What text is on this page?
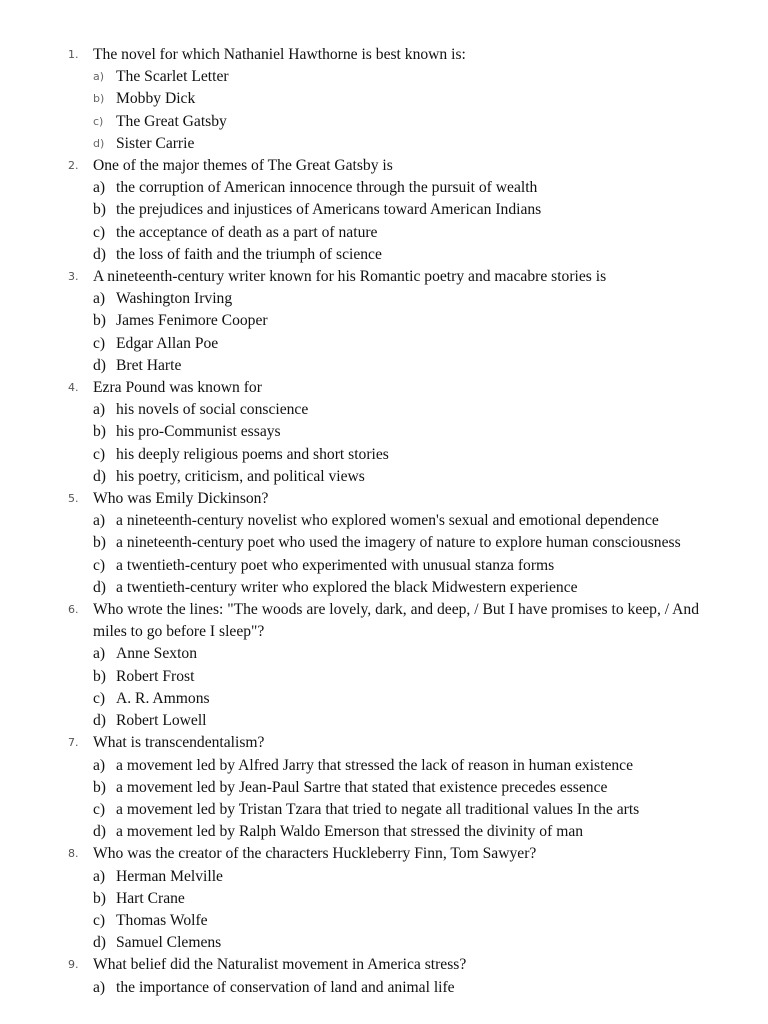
1. The novel for which Nathaniel Hawthorne is best known is:
a) The Scarlet Letter
b) Mobby Dick
c) The Great Gatsby
d) Sister Carrie
2. One of the major themes of The Great Gatsby is
a) the corruption of American innocence through the pursuit of wealth
b) the prejudices and injustices of Americans toward American Indians
c) the acceptance of death as a part of nature
d) the loss of faith and the triumph of science
3. A nineteenth-century writer known for his Romantic poetry and macabre stories is
a) Washington Irving
b) James Fenimore Cooper
c) Edgar Allan Poe
d) Bret Harte
4. Ezra Pound was known for
a) his novels of social conscience
b) his pro-Communist essays
c) his deeply religious poems and short stories
d) his poetry, criticism, and political views
5. Who was Emily Dickinson?
a) a nineteenth-century novelist who explored women's sexual and emotional dependence
b) a nineteenth-century poet who used the imagery of nature to explore human consciousness
c) a twentieth-century poet who experimented with unusual stanza forms
d) a twentieth-century writer who explored the black Midwestern experience
6. Who wrote the lines: "The woods are lovely, dark, and deep, / But I have promises to keep, / And miles to go before I sleep"?
a) Anne Sexton
b) Robert Frost
c) A. R. Ammons
d) Robert Lowell
7. What is transcendentalism?
a) a movement led by Alfred Jarry that stressed the lack of reason in human existence
b) a movement led by Jean-Paul Sartre that stated that existence precedes essence
c) a movement led by Tristan Tzara that tried to negate all traditional values In the arts
d) a movement led by Ralph Waldo Emerson that stressed the divinity of man
8. Who was the creator of the characters Huckleberry Finn, Tom Sawyer?
a) Herman Melville
b) Hart Crane
c) Thomas Wolfe
d) Samuel Clemens
9. What belief did the Naturalist movement in America stress?
a) the importance of conservation of land and animal life
